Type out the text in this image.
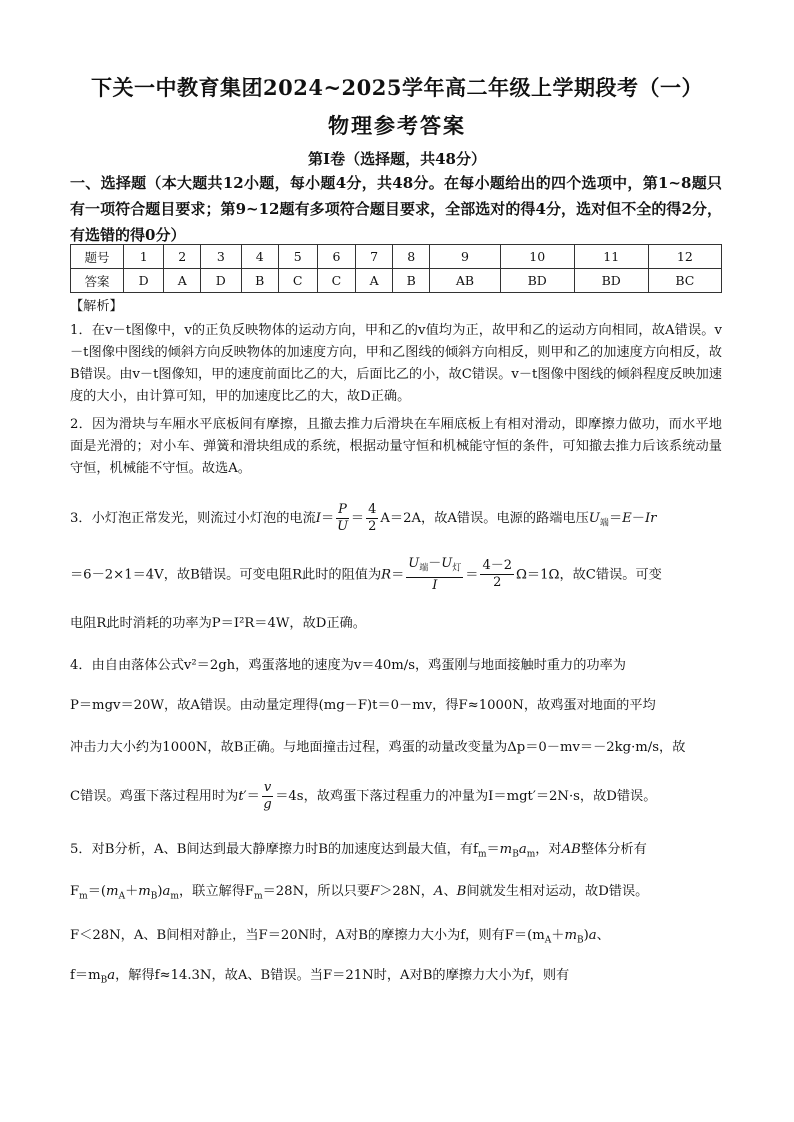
下关一中教育集团2024~2025学年高二年级上学期段考（一）
物理参考答案
第Ⅰ卷（选择题，共48分）
一、选择题（本大题共12小题，每小题4分，共48分。在每小题给出的四个选项中，第1~8题只有一项符合题目要求；第9~12题有多项符合题目要求，全部选对的得4分，选对但不全的得2分，有选错的得0分）
题号	1	2	3	4	5	6	7	8	9	10	11	12
答案	D	A	D	B	C	C	A	B	AB	BD	BD	BC
【解析】
1．在v－t图像中，v的正负反映物体的运动方向，甲和乙的v值均为正，故甲和乙的运动方向相同，故A错误。v－t图像中图线的倾斜方向反映物体的加速度方向，甲和乙图线的倾斜方向相反，则甲和乙的加速度方向相反，故B错误。由v－t图像知，甲的速度前面比乙的大，后面比乙的小，故C错误。v－t图像中图线的倾斜程度反映加速度的大小，由计算可知，甲的加速度比乙的大，故D正确。
2．因为滑块与车厢水平底板间有摩擦，且撤去推力后滑块在车厢底板上有相对滑动，即摩擦力做功，而水平地面是光滑的；对小车、弹簧和滑块组成的系统，根据动量守恒和机械能守恒的条件，可知撤去推力后该系统动量守恒，机械能不守恒。故选A。
3．小灯泡正常发光，则流过小灯泡的电流$I= \frac{P}{U} = \frac{4}{2} A=2A$，故A错误。电源的路端电压$U_端=E-Ir$
＝6－2×1＝4V，故B错误。可变电阻R此时的阻值为$R= \frac{U_端-U_灯}{I} = \frac{4-2}{2} \Omega=1\Omega$，故C错误。可变
电阻R此时消耗的功率为P＝I²R＝4W，故D正确。
4．由自由落体公式v²＝2gh，鸡蛋落地的速度为v＝40m/s，鸡蛋刚与地面接触时重力的功率为
P＝mgv＝20W，故A错误。由动量定理得(mg－F)t＝0－mv，得F≈1000N，故鸡蛋对地面的平均
冲击力大小约为1000N，故B正确。与地面撞击过程，鸡蛋的动量改变量为Δp＝0－mv＝－2kg·m/s，故
C错误。鸡蛋下落过程用时为$t'= \frac{v}{g} =4s$，故鸡蛋下落过程重力的冲量为I＝mgt′＝2N·s，故D错误。
5．对B分析，A、B间达到最大静摩擦力时B的加速度达到最大值，有$f_m=m_Ba_m$，对AB整体分析有
$F_m=(m_A+m_B)a_m$，联立解得$F_m=28N$，所以只要F＞28N，A、B间就发生相对运动，故D错误。
F＜28N，A、B间相对静止，当F＝20N时，A对B的摩擦力大小为f，则有$F=(m_A+m_B)a$、
$f=m_Ba$，解得f≈14.3N，故A、B错误。当F＝21N时，A对B的摩擦力大小为f，则有
